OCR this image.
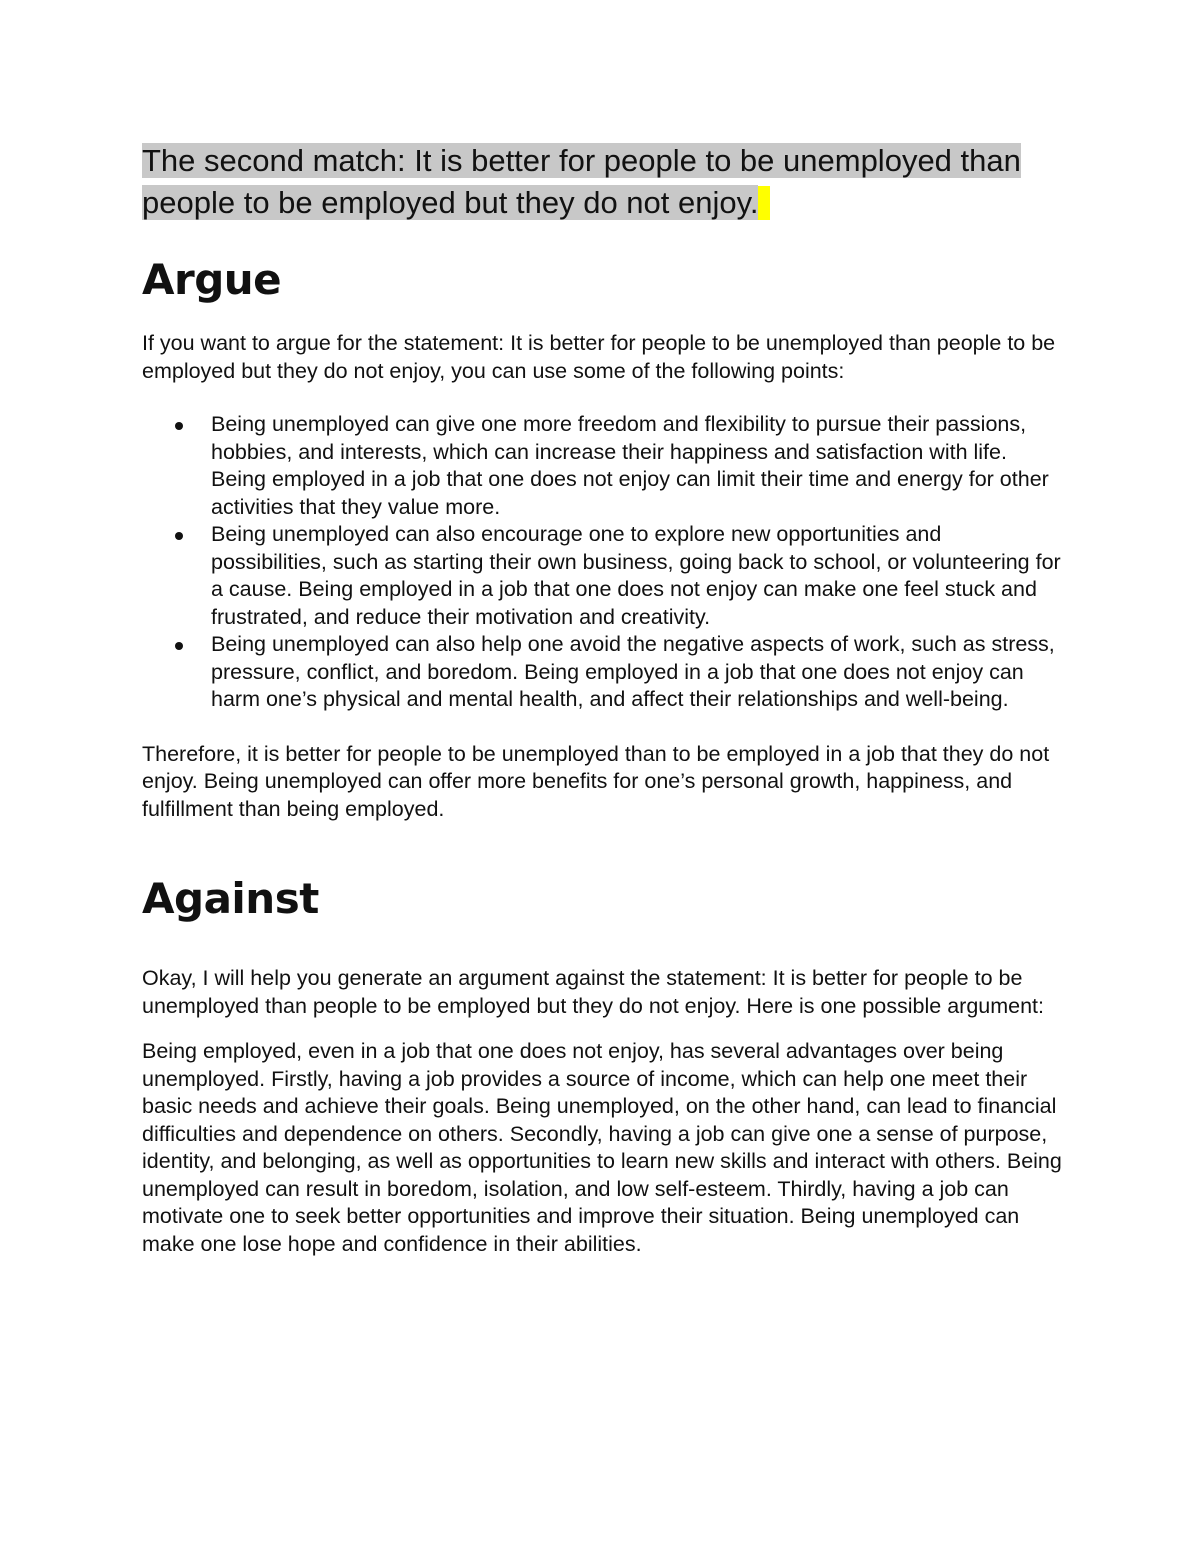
The second match: It is better for people to be unemployed than people to be employed but they do not enjoy.
Argue

If you want to argue for the statement: It is better for people to be unemployed than people to be employed but they do not enjoy, you can use some of the following points:

Being unemployed can give one more freedom and flexibility to pursue their passions, hobbies, and interests, which can increase their happiness and satisfaction with life. Being employed in a job that one does not enjoy can limit their time and energy for other activities that they value more.
Being unemployed can also encourage one to explore new opportunities and possibilities, such as starting their own business, going back to school, or volunteering for a cause. Being employed in a job that one does not enjoy can make one feel stuck and frustrated, and reduce their motivation and creativity.
Being unemployed can also help one avoid the negative aspects of work, such as stress, pressure, conflict, and boredom. Being employed in a job that one does not enjoy can harm one’s physical and mental health, and affect their relationships and well-being.

Therefore, it is better for people to be unemployed than to be employed in a job that they do not enjoy. Being unemployed can offer more benefits for one’s personal growth, happiness, and fulfillment than being employed.

Against

Okay, I will help you generate an argument against the statement: It is better for people to be unemployed than people to be employed but they do not enjoy. Here is one possible argument:

Being employed, even in a job that one does not enjoy, has several advantages over being unemployed. Firstly, having a job provides a source of income, which can help one meet their basic needs and achieve their goals. Being unemployed, on the other hand, can lead to financial difficulties and dependence on others. Secondly, having a job can give one a sense of purpose, identity, and belonging, as well as opportunities to learn new skills and interact with others. Being unemployed can result in boredom, isolation, and low self-esteem. Thirdly, having a job can motivate one to seek better opportunities and improve their situation. Being unemployed can make one lose hope and confidence in their abilities.
